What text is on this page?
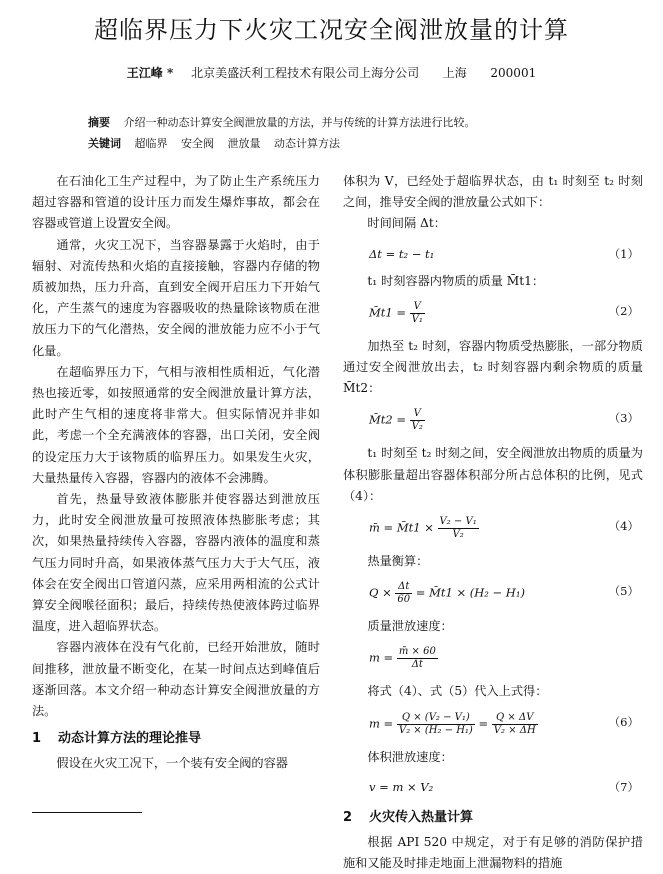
超临界压力下火灾工况安全阀泄放量的计算
王江峰 * 北京美盛沃利工程技术有限公司上海分公司 上海 200001
摘要 介绍一种动态计算安全阀泄放量的方法，并与传统的计算方法进行比较。
关键词 超临界 安全阀 泄放量 动态计算方法

在石油化工生产过程中，为了防止生产系统压力超过容器和管道的设计压力而发生爆炸事故，都会在容器或管道上设置安全阀。

通常，火灾工况下，当容器暴露于火焰时，由于辐射、对流传热和火焰的直接接触，容器内存储的物质被加热，压力升高，直到安全阀开启压力下开始气化，产生蒸气的速度为容器吸收的热量除该物质在泄放压力下的气化潜热，安全阀的泄放能力应不小于气化量。

在超临界压力下，气相与液相性质相近，气化潜热也接近零，如按照通常的安全阀泄放量计算方法，此时产生气相的速度将非常大。但实际情况并非如此，考虑一个全充满液体的容器，出口关闭，安全阀的设定压力大于该物质的临界压力。如果发生火灾，大量热量传入容器，容器内的液体不会沸腾。

首先，热量导致液体膨胀并使容器达到泄放压力，此时安全阀泄放量可按照液体热膨胀考虑；其次，如果热量持续传入容器，容器内液体的温度和蒸气压力同时升高，如果液体蒸气压力大于大气压，液体会在安全阀出口管道闪蒸，应采用两相流的公式计算安全阀喉径面积；最后，持续传热使液体跨过临界温度，进入超临界状态。

容器内液体在没有气化前，已经开始泄放，随时间推移，泄放量不断变化，在某一时间点达到峰值后逐渐回落。本文介绍一种动态计算安全阀泄放量的方法。

1 动态计算方法的理论推导

假设在火灾工况下，一个装有安全阀的容器

体积为 V，已经处于超临界状态，由 t₁ 时刻至 t₂ 时刻之间，推导安全阀的泄放量公式如下：

时间间隔 Δt：

Δt = t₂ − t₁	（1）

t₁ 时刻容器内物质的质量 M̄t1：

M̄t1 = $\frac{V}{\text{V₁}}$	（2）

加热至 t₂ 时刻，容器内物质受热膨胀，一部分物质通过安全阀泄放出去，t₂ 时刻容器内剩余物质的质量 M̄t2：

M̄t2 = $\frac{V}{\text{V₂}}$	（3）

t₁ 时刻至 t₂ 时刻之间，安全阀泄放出物质的质量为体积膨胀量超出容器体积部分所占总体积的比例，见式（4）：

m̄ = M̄t1 × $\frac{\text{V₂ − V₁}}{\text{V₂}}$	（4）

热量衡算：

$Q \times \frac{\Delta t}{60}$ = M̄t1 × (H₂ − H₁)	（5）

质量泄放速度：

$m = \frac{m̄ \times 60}{\Delta t}$

将式（4）、式（5）代入上式得：

$m = \frac{\text{Q × (V₂ − V₁)}}{\text{V₂ × (H₂ − H₁)}} = \frac{Q \times \Delta V}{\text{V₂ × ΔH}}$	（6）

体积泄放速度：

v = m × V₂	（7）
2 火灾传入热量计算

根据 API 520 中规定，对于有足够的消防保护措施和又能及时排走地面上泄漏物料的措施
